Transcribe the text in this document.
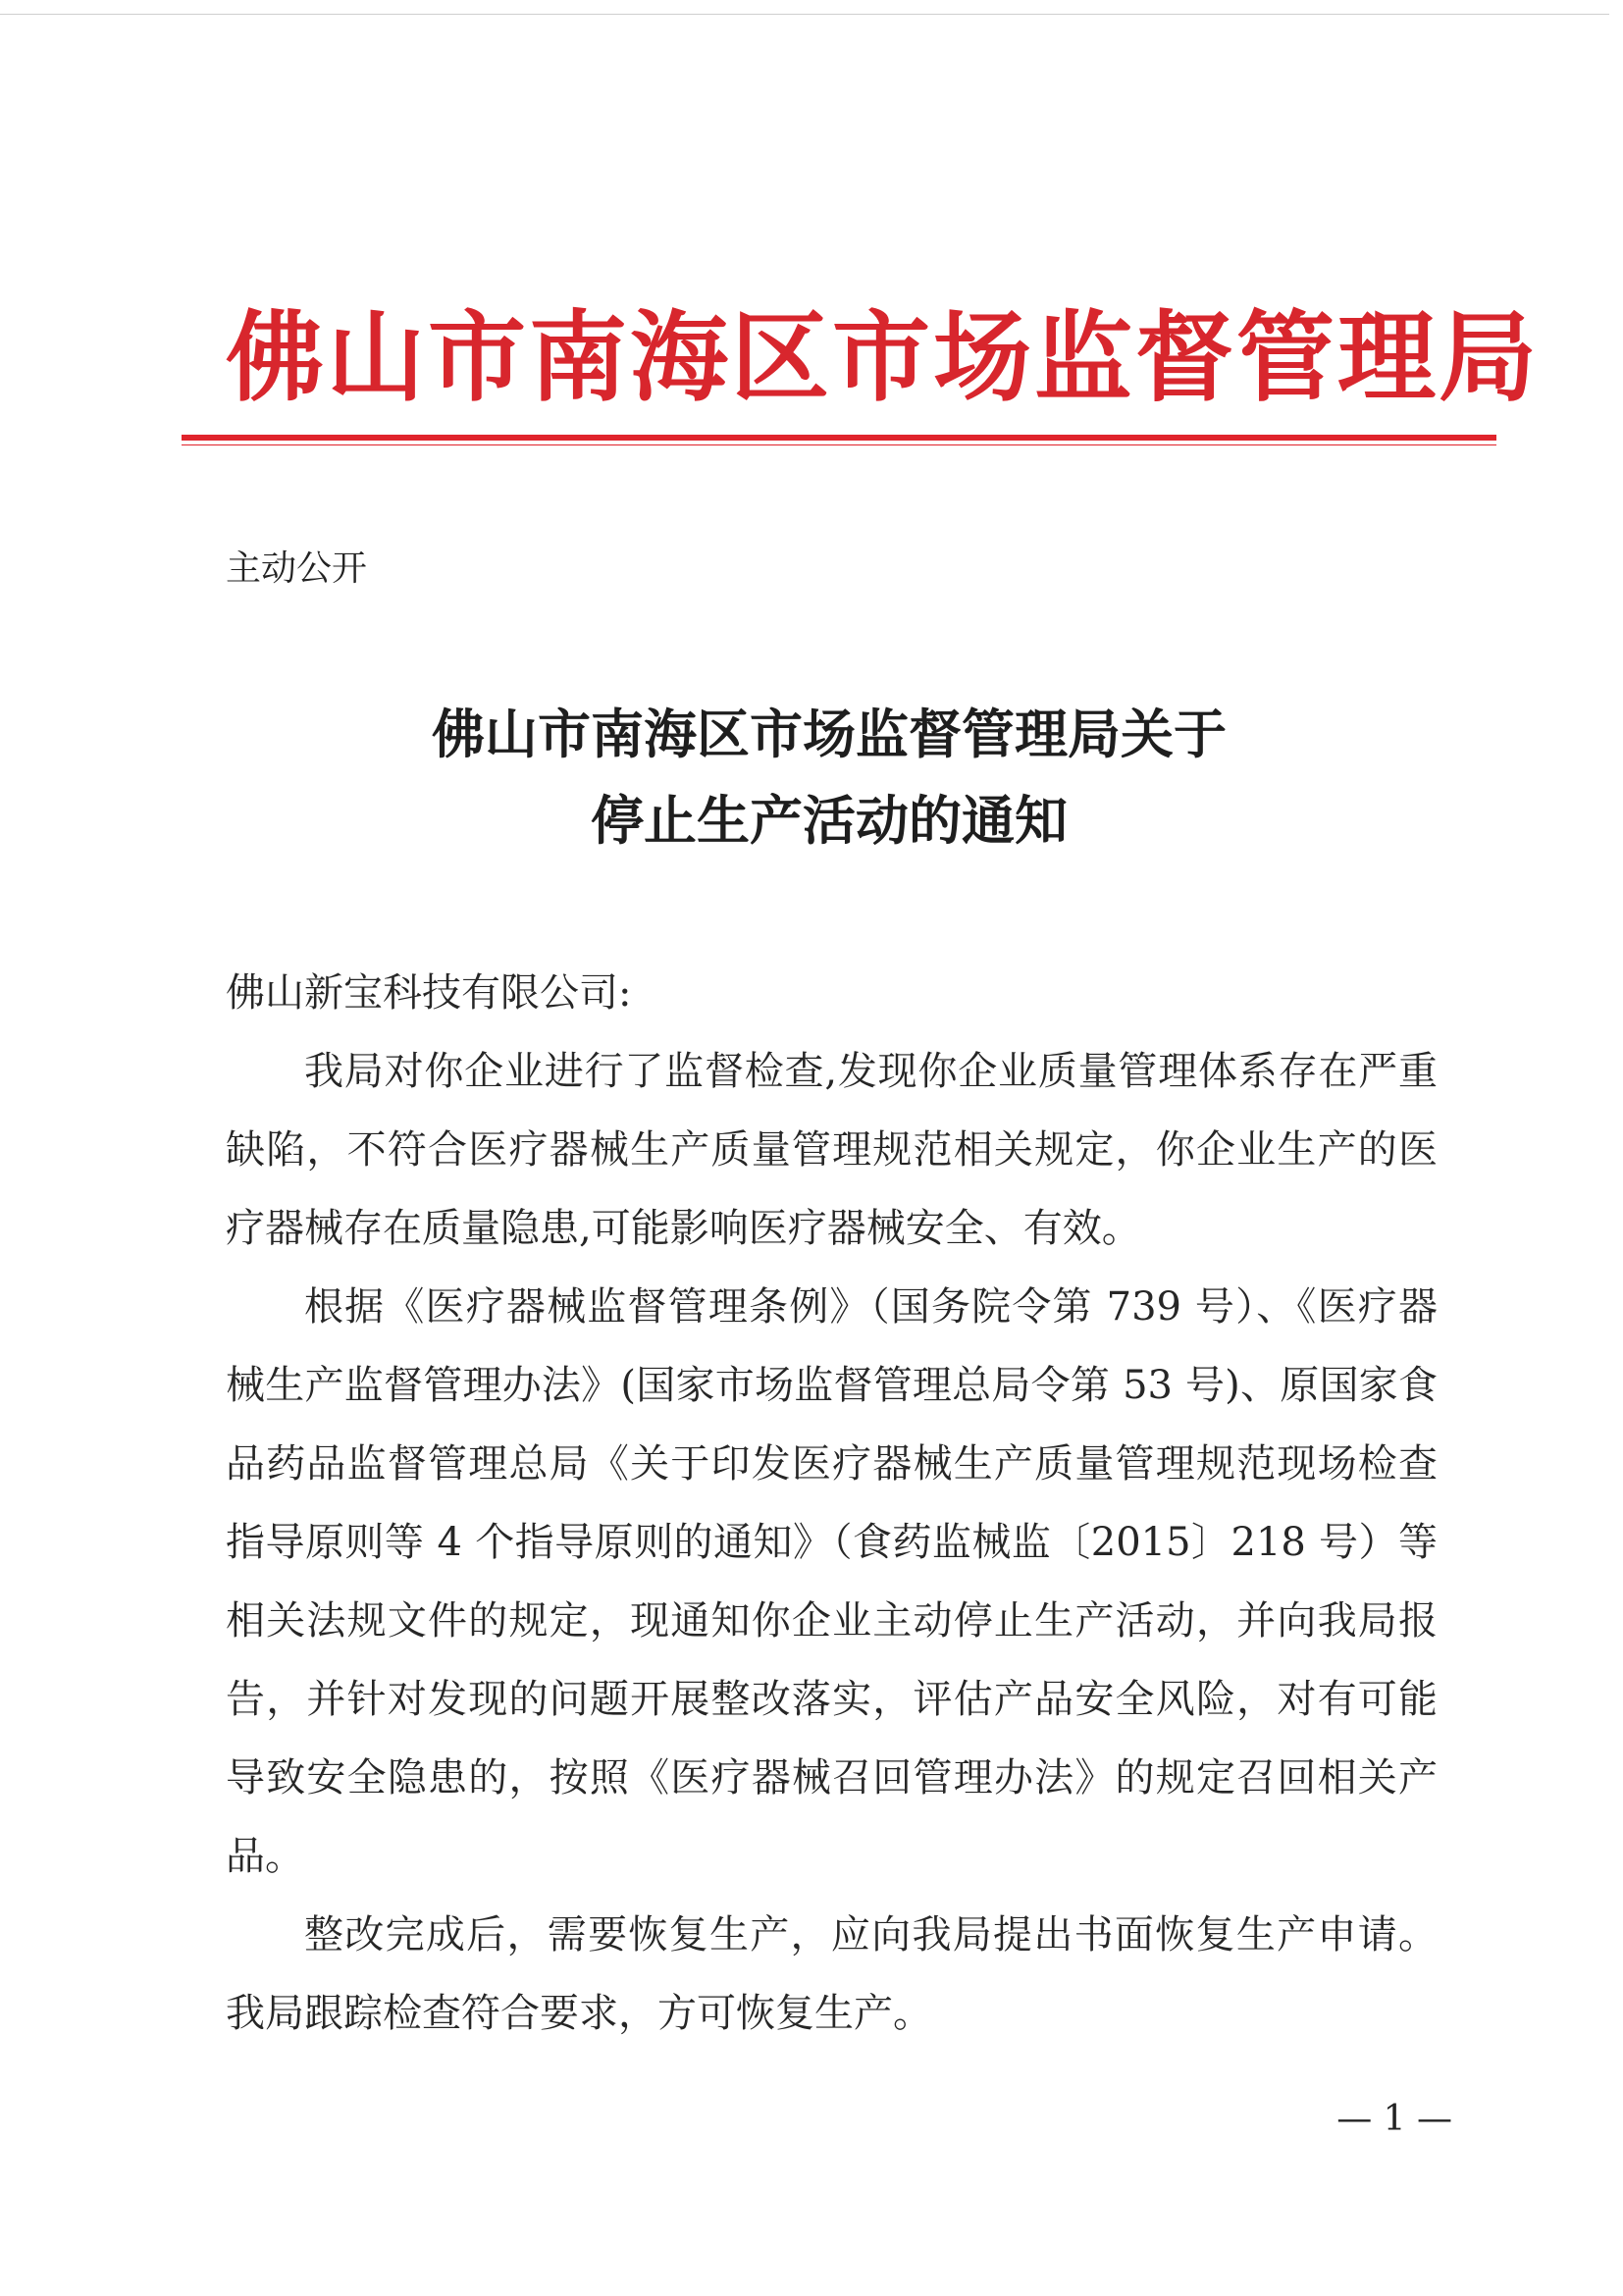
佛山市南海区市场监督管理局
主动公开
佛山市南海区市场监督管理局关于
停止生产活动的通知

佛山新宝科技有限公司:

我局对你企业进行了监督检查,发现你企业质量管理体系存在严重缺陷，不符合医疗器械生产质量管理规范相关规定，你企业生产的医疗器械存在质量隐患,可能影响医疗器械安全、有效。

根据《医疗器械监督管理条例》（国务院令第 739 号）、《医疗器械生产监督管理办法》(国家市场监督管理总局令第 53 号)、原国家食品药品监督管理总局《关于印发医疗器械生产质量管理规范现场检查指导原则等 4 个指导原则的通知》（食药监械监〔2015〕218 号）等相关法规文件的规定，现通知你企业主动停止生产活动，并向我局报告，并针对发现的问题开展整改落实，评估产品安全风险，对有可能导致安全隐患的，按照《医疗器械召回管理办法》的规定召回相关产品。

整改完成后，需要恢复生产，应向我局提出书面恢复生产申请。我局跟踪检查符合要求，方可恢复生产。

— 1 —
